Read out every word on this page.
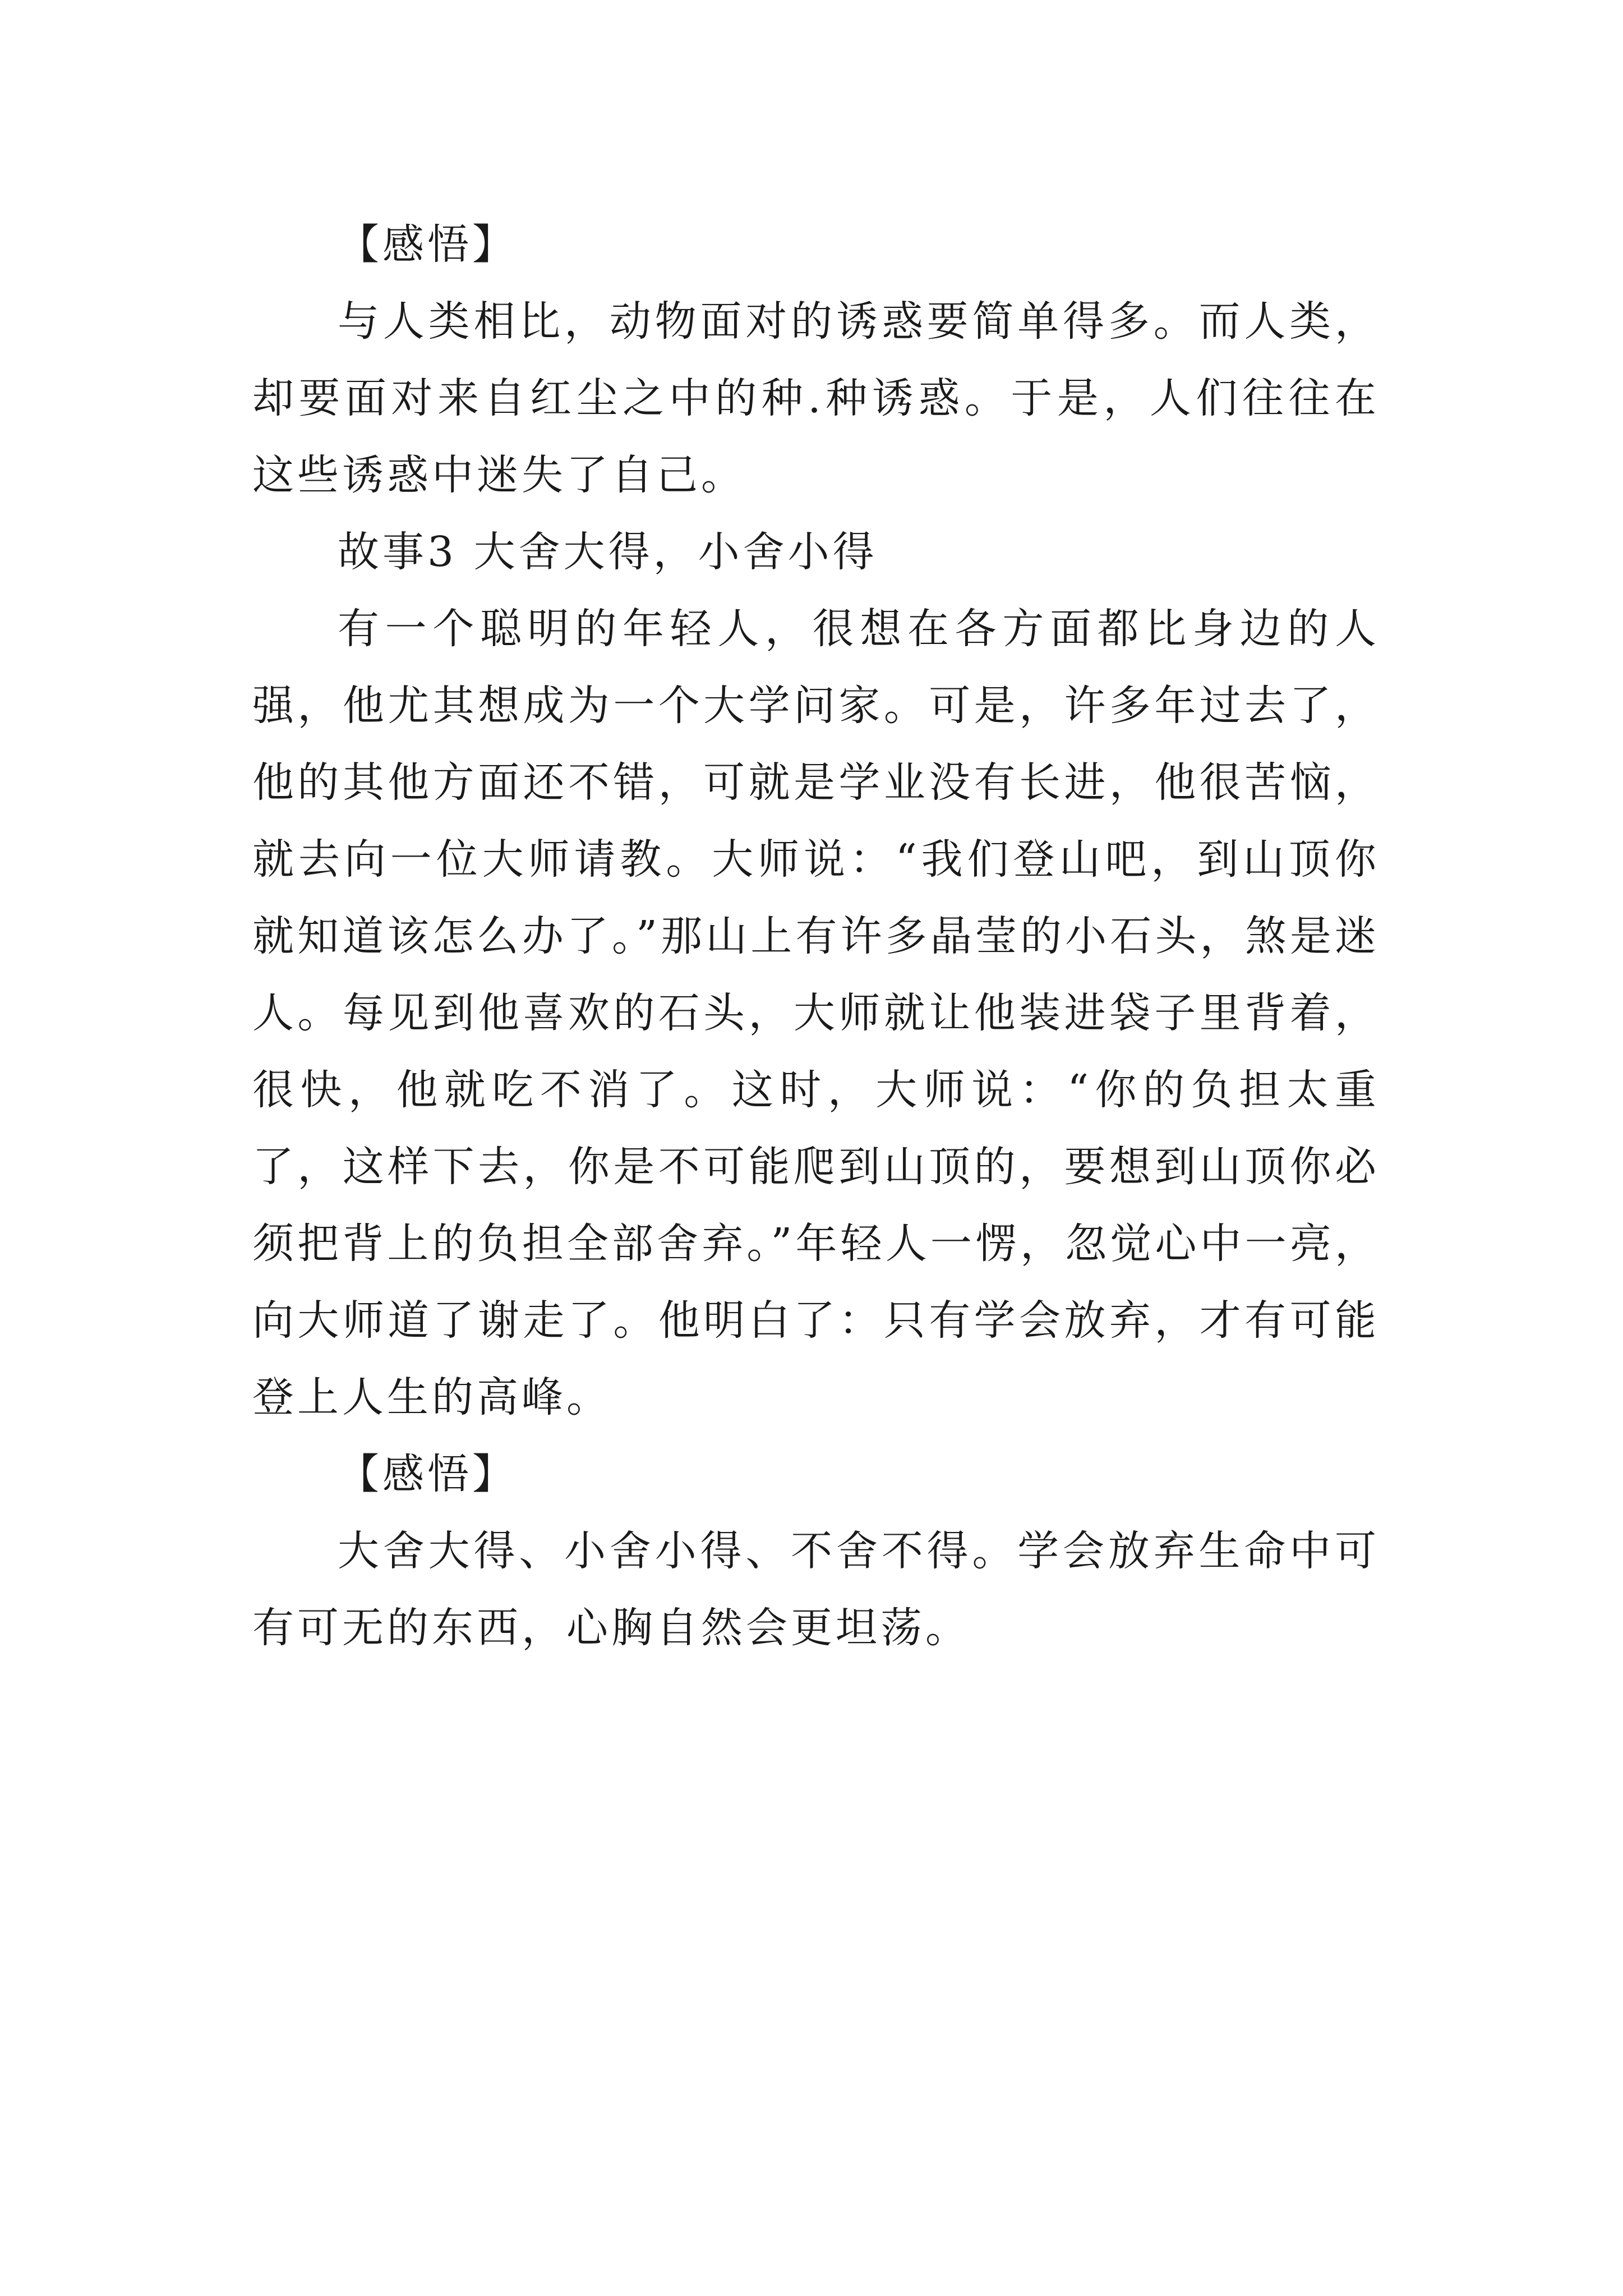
【感悟】

与人类相比，动物面对的诱惑要简单得多。而人类，却要面对来自红尘之中的种.种诱惑。于是，人们往往在这些诱惑中迷失了自己。

故事3 大舍大得，小舍小得

有一个聪明的年轻人，很想在各方面都比身边的人强，他尤其想成为一个大学问家。可是，许多年过去了，他的其他方面还不错，可就是学业没有长进，他很苦恼，就去向一位大师请教。大师说：“我们登山吧，到山顶你就知道该怎么办了。”那山上有许多晶莹的小石头，煞是迷人。每见到他喜欢的石头，大师就让他装进袋子里背着，很快，他就吃不消了。这时，大师说：“你的负担太重了，这样下去，你是不可能爬到山顶的，要想到山顶你必须把背上的负担全部舍弃。”年轻人一愣，忽觉心中一亮，向大师道了谢走了。他明白了：只有学会放弃，才有可能登上人生的高峰。

【感悟】

大舍大得、小舍小得、不舍不得。学会放弃生命中可有可无的东西，心胸自然会更坦荡。
